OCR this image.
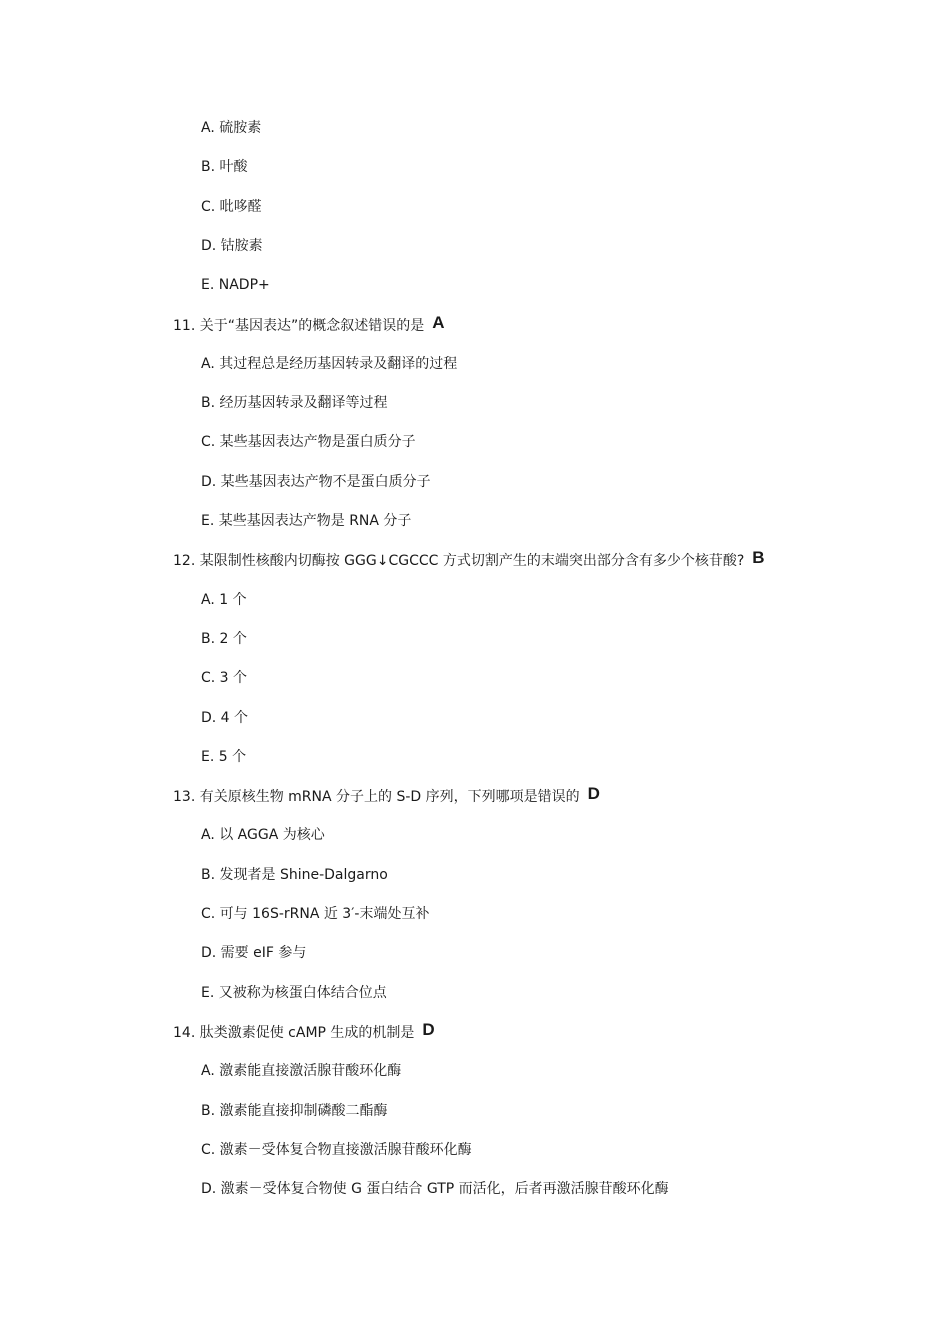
A. 硫胺素
B. 叶酸
C. 吡哆醛
D. 钴胺素
E. NADP+
11. 关于“基因表达”的概念叙述错误的是 A
A. 其过程总是经历基因转录及翻译的过程
B. 经历基因转录及翻译等过程
C. 某些基因表达产物是蛋白质分子
D. 某些基因表达产物不是蛋白质分子
E. 某些基因表达产物是 RNA 分子
12. 某限制性核酸内切酶按 GGG↓CGCCC 方式切割产生的末端突出部分含有多少个核苷酸? B
A. 1 个
B. 2 个
C. 3 个
D. 4 个
E. 5 个
13. 有关原核生物 mRNA 分子上的 S-D 序列，下列哪项是错误的 D
A. 以 AGGA 为核心
B. 发现者是 Shine-Dalgarno
C. 可与 16S-rRNA 近 3′-末端处互补
D. 需要 eIF 参与
E. 又被称为核蛋白体结合位点
14. 肽类激素促使 cAMP 生成的机制是 D
A. 激素能直接激活腺苷酸环化酶
B. 激素能直接抑制磷酸二酯酶
C. 激素－受体复合物直接激活腺苷酸环化酶
D. 激素－受体复合物使 G 蛋白结合 GTP 而活化，后者再激活腺苷酸环化酶
